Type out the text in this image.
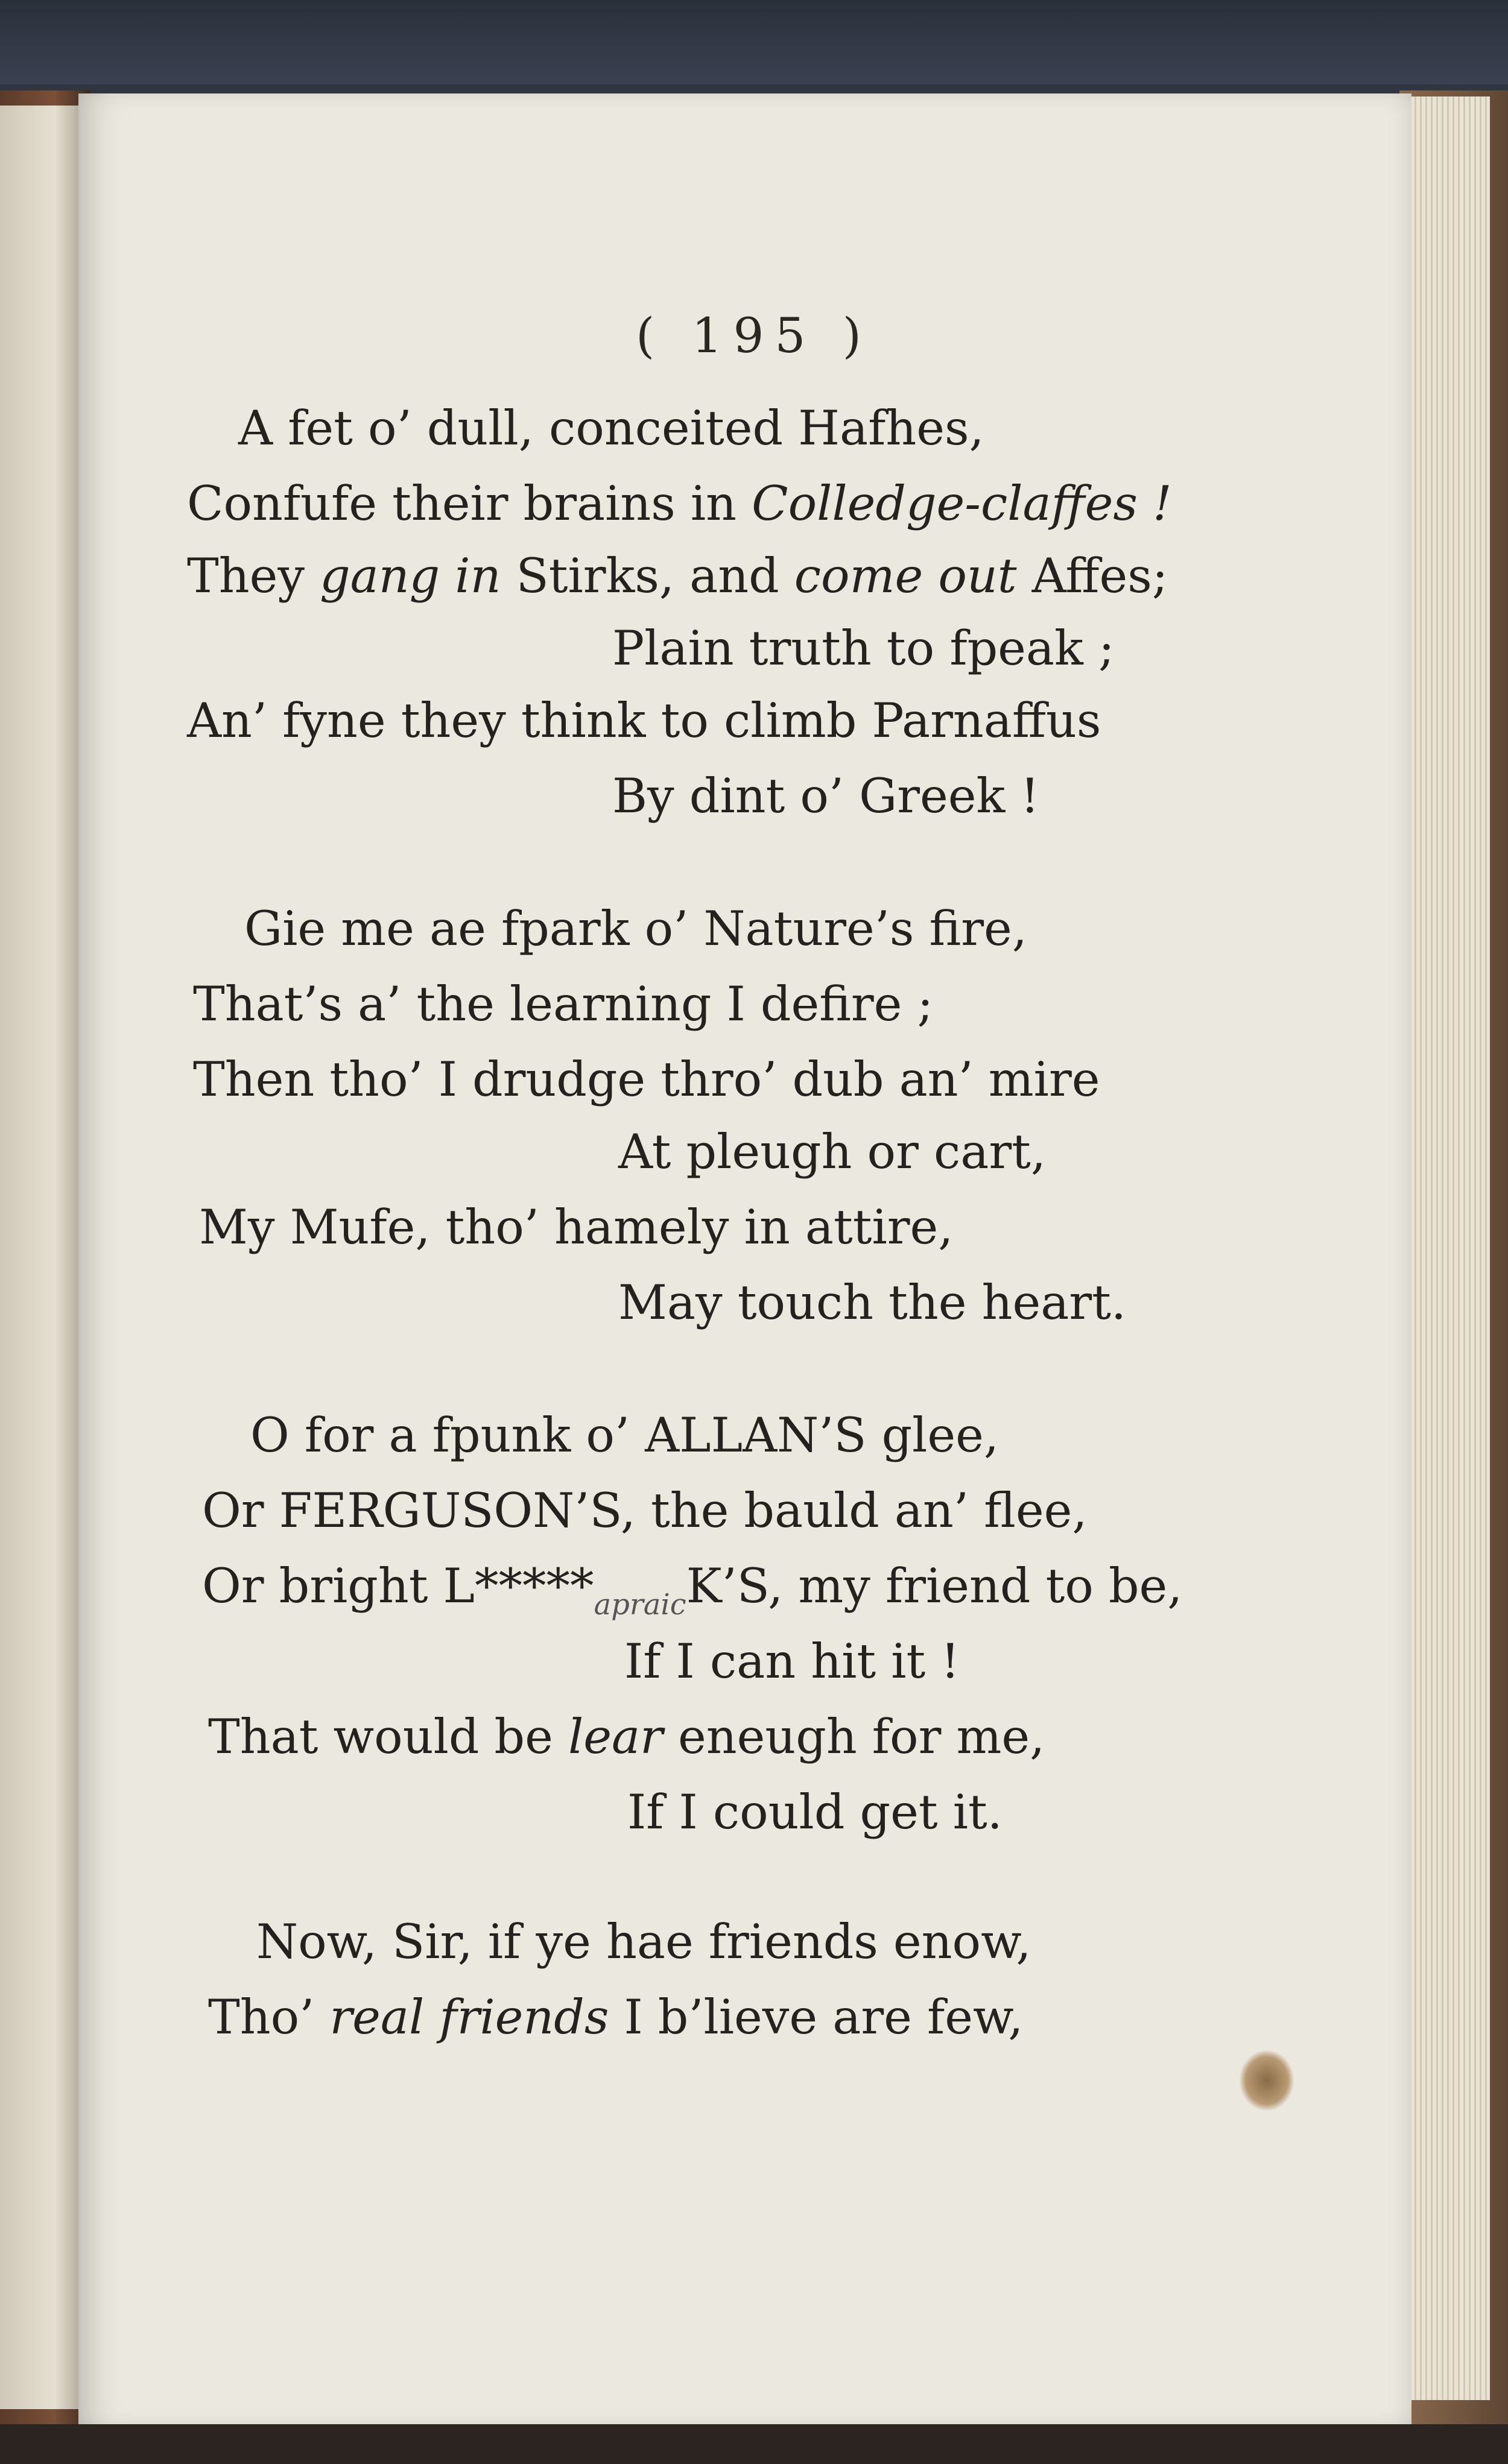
( 195 )
A fet o’ dull, conceited Hafhes,
Confufe their brains in Colledge-claffes !
They gang in Stirks, and come out Affes;
Plain truth to fpeak ;
An’ fyne they think to climb Parnaffus
By dint o’ Greek !
Gie me ae fpark o’ Nature’s fire,
That’s a’ the learning I defire ;
Then tho’ I drudge thro’ dub an’ mire
At pleugh or cart,
My Mufe, tho’ hamely in attire,
May touch the heart.
O for a fpunk o’ ALLAN’S glee,
Or FERGUSON’S, the bauld an’ flee,
Or bright $L*****_{apraic}K’S$, my friend to be,
If I can hit it !
That would be lear eneugh for me,
If I could get it.
Now, Sir, if ye hae friends enow,
Tho’ real friends I b’lieve are few,
